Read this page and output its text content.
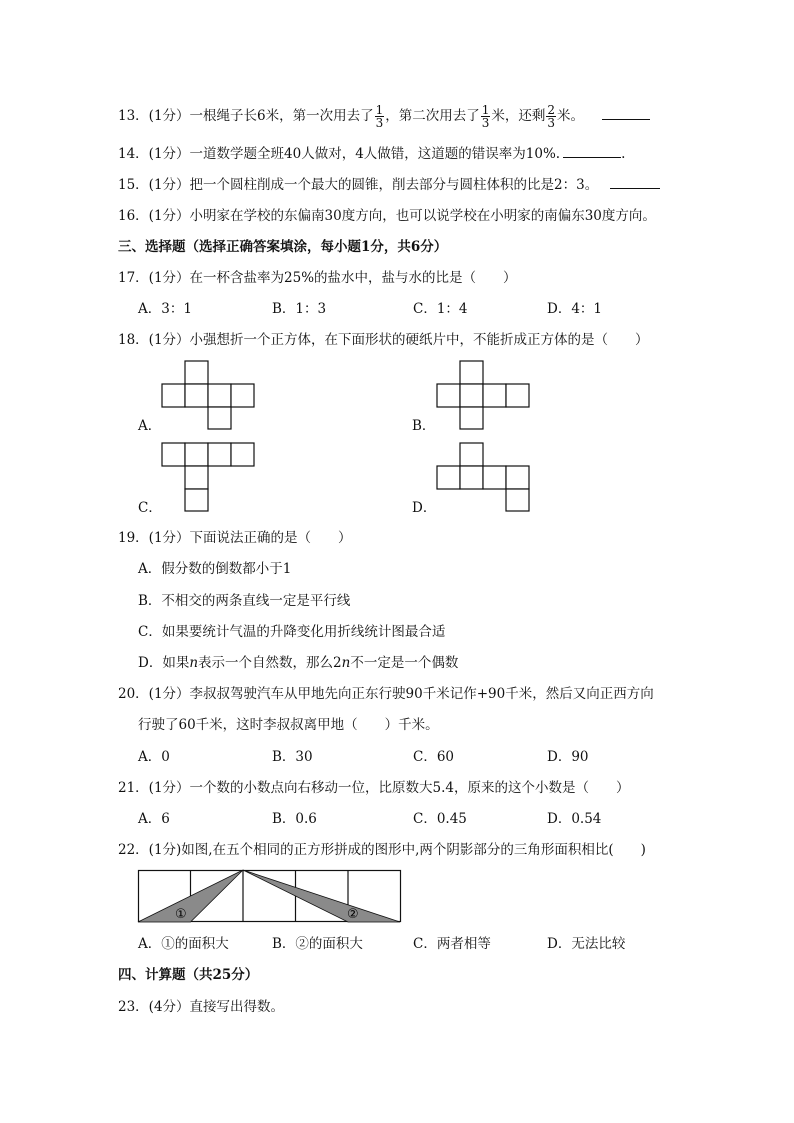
13．(1分）一根绳子长6米，第一次用去了 $\frac{1}{3}$ ，第二次用去了 $\frac{1}{3}$ 米，还剩 $\frac{2}{3}$ 米。
14．(1分）一道数学题全班40人做对，4人做错，这道题的错误率为10%.	.
15．(1分）把一个圆柱削成一个最大的圆锥，削去部分与圆柱体积的比是2：3。
16．(1分）小明家在学校的东偏南30度方向，也可以说学校在小明家的南偏东30度方向。
三、选择题（选择正确答案填涂，每小题1分，共6分）
17．(1分）在一杯含盐率为25%的盐水中，盐与水的比是（　　）
A．3：1	B．1：3	C．1：4	D．4：1
18．(1分）小强想折一个正方体，在下面形状的硬纸片中，不能折成正方体的是（　　）
A．	B．
C．	D．
19．(1分）下面说法正确的是（　　）
A．假分数的倒数都小于1
B．不相交的两条直线一定是平行线
C．如果要统计气温的升降变化用折线统计图最合适
D．如果n表示一个自然数，那么2n不一定是一个偶数
20．(1分）李叔叔驾驶汽车从甲地先向正东行驶90千米记作+90千米，然后又向正西方向
行驶了60千米，这时李叔叔离甲地（　　）千米。
A．0	B．30	C．60	D．90
21．(1分）一个数的小数点向右移动一位，比原数大5.4，原来的这个小数是（　　）
A．6	B．0.6	C．0.45	D．0.54
22．(1分)如图,在五个相同的正方形拼成的图形中,两个阴影部分的三角形面积相比(　　)
①	②
A．①的面积大	B．②的面积大	C．两者相等	D．无法比较
四、计算题（共25分）
23．(4分）直接写出得数。
